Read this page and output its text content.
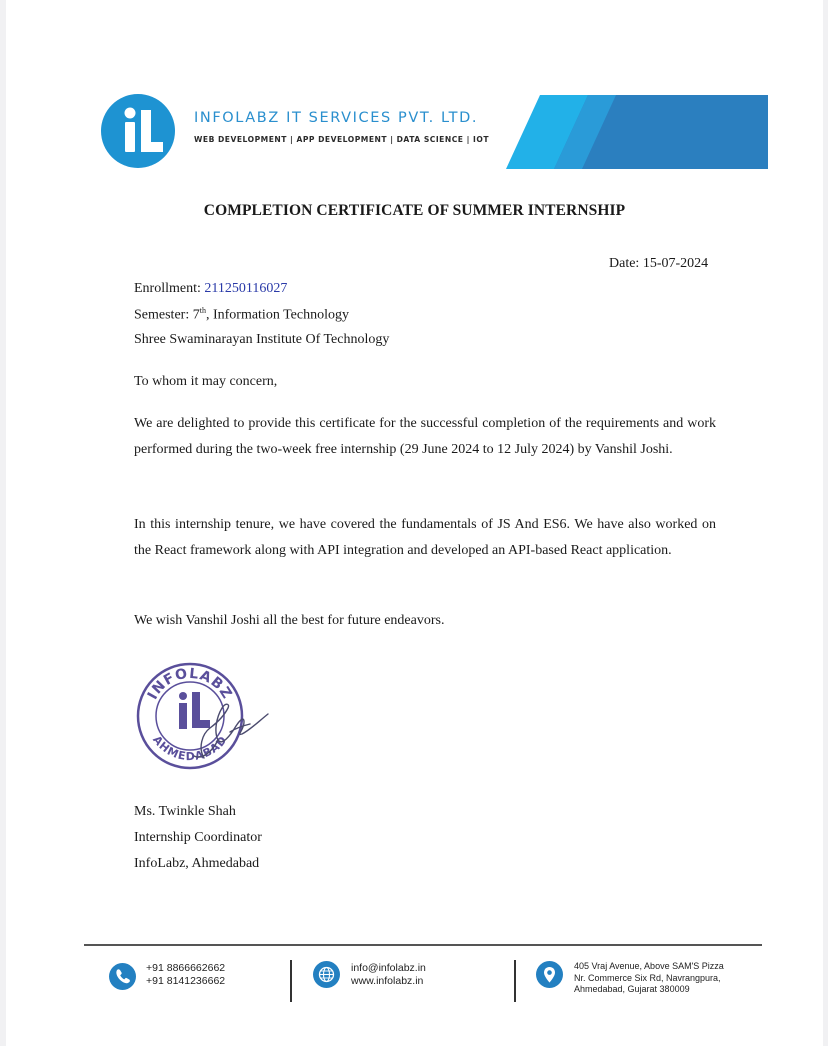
INFOLABZ IT SERVICES PVT. LTD.
WEB DEVELOPMENT | APP DEVELOPMENT | DATA SCIENCE | IOT
COMPLETION CERTIFICATE OF SUMMER INTERNSHIP
Date: 15-07-2024
Enrollment: 211250116027
Semester: 7th, Information Technology
Shree Swaminarayan Institute Of Technology
To whom it may concern,
We are delighted to provide this certificate for the successful completion of the requirements and work performed during the two-week free internship (29 June 2024 to 12 July 2024) by Vanshil Joshi.
In this internship tenure, we have covered the fundamentals of JS And ES6. We have also worked on the React framework along with API integration and developed an API-based React application.
We wish Vanshil Joshi all the best for future endeavors.
INFOLABZ
AHMEDABAD
Ms. Twinkle Shah
Internship Coordinator
InfoLabz, Ahmedabad
+91 8866662662
+91 8141236662
info@infolabz.in
www.infolabz.in
405 Vraj Avenue, Above SAM'S Pizza
Nr. Commerce Six Rd, Navrangpura,
Ahmedabad, Gujarat 380009
